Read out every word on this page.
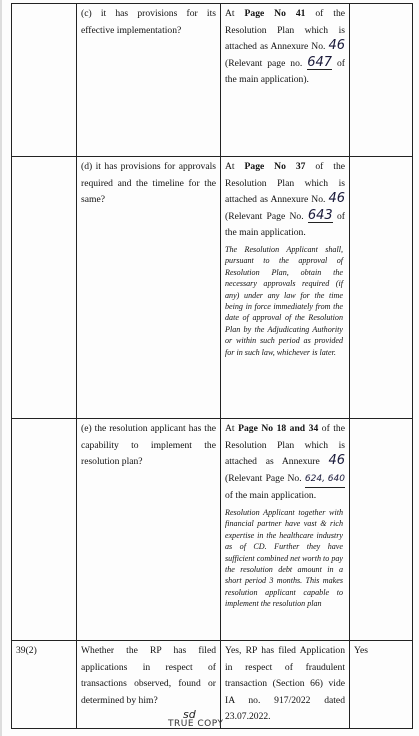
	(c) it has provisions for its effective implementation?	At Page No 41 of the Resolution Plan which is attached as Annexure No. 46 (Relevant page no. 647 of the main application).	

	(d) it has provisions for approvals required and the timeline for the same?	At Page No 37 of the Resolution Plan which is attached as Annexure No. 46 (Relevant Page No. 643 of the main application.

The Resolution Applicant shall, pursuant to the approval of Resolution Plan, obtain the necessary approvals required (if any) under any law for the time being in force immediately from the date of approval of the Resolution Plan by the Adjudicating Authority or within such period as provided for in such law, whichever is later.	

	(e) the resolution applicant has the capability to implement the resolution plan?	At Page No 18 and 34 of the Resolution Plan which is attached as Annexure 46 (Relevant Page No. 624, 640 of the main application.

Resolution Applicant together with financial partner have vast & rich expertise in the healthcare industry as of CD. Further they have sufficient combined net worth to pay the resolution debt amount in a short period 3 months. This makes resolution applicant capable to implement the resolution plan	

39(2)	Whether the RP has filed applications in respect of transactions observed, found or determined by him?	Yes, RP has filed Application in respect of fraudulent transaction (Section 66) vide IA no. 917/2022 dated 23.07.2022.	Yes
sd
TRUE COPY
